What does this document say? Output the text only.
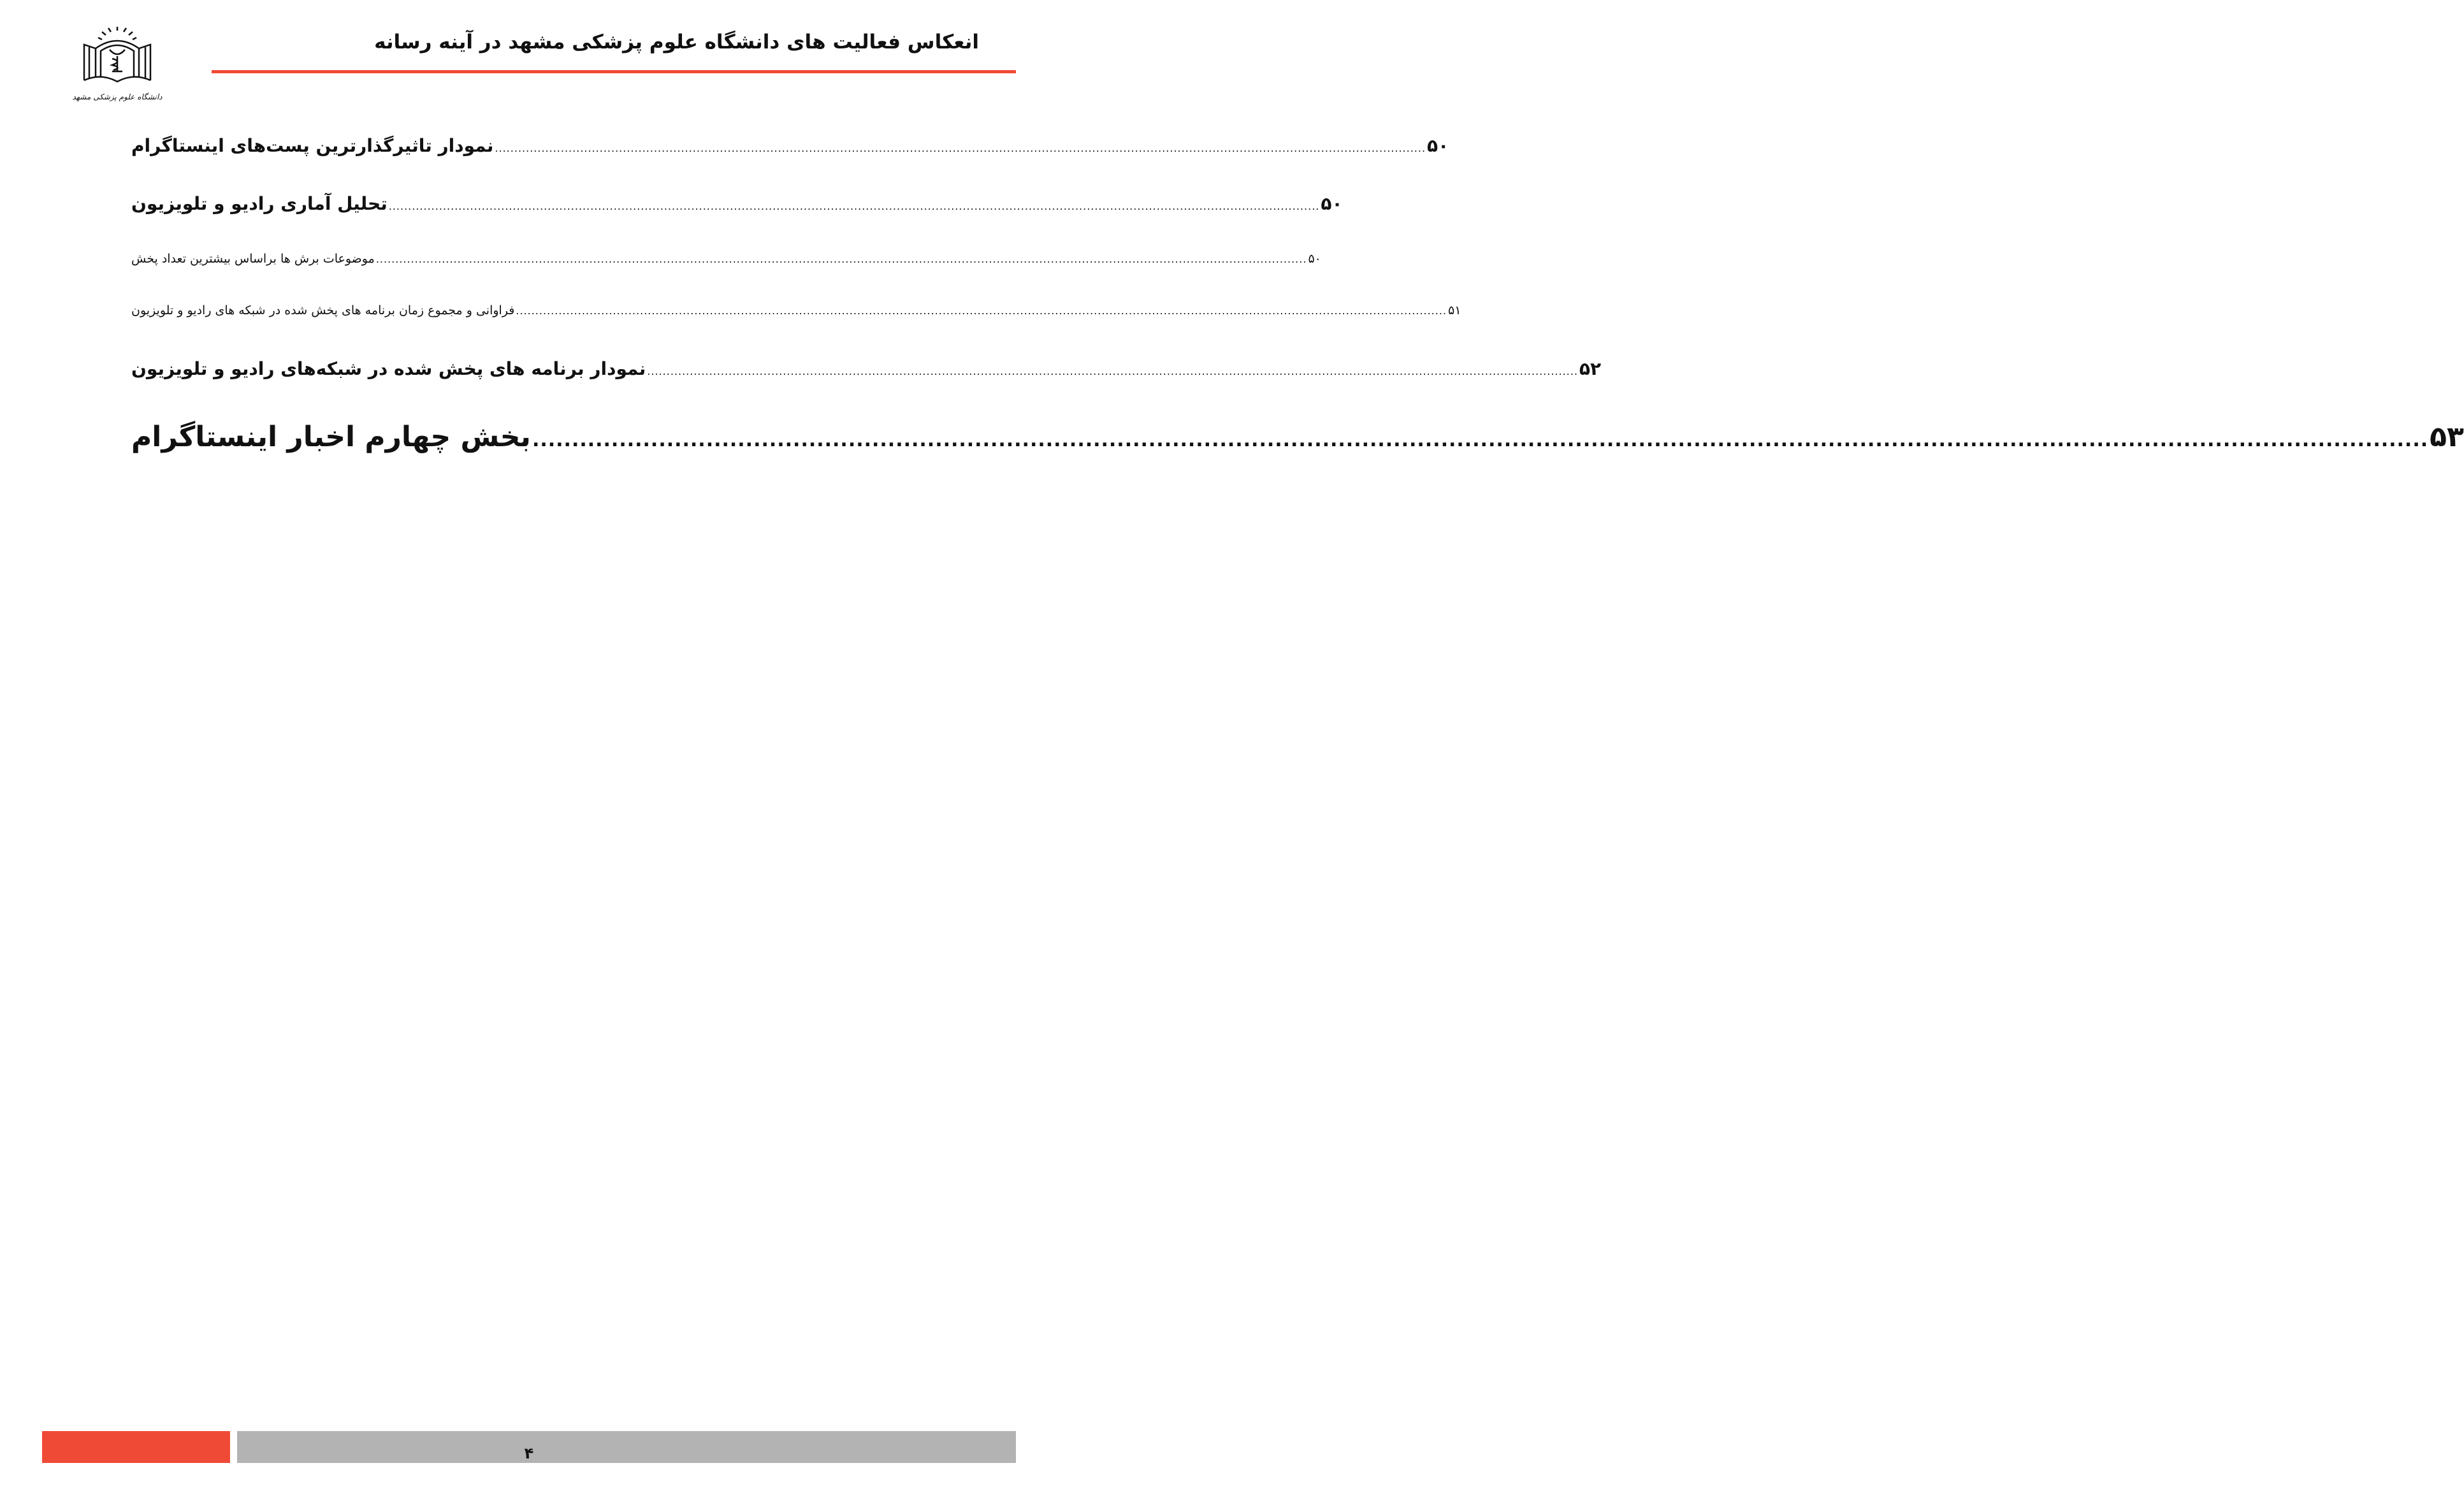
انعکاس فعالیت های دانشگاه علوم پزشکی مشهد در آینه رسانه
دانشگاه علوم پزشکی مشهد
نمودار تاثیرگذارترین پست‌های اینستاگرام ................................................................................................................................................................................................................................................ ۵۰
تحلیل آماری رادیو و تلویزیون ................................................................................................................................................................................................................................................ ۵۰
موضوعات برش ها براساس بیشترین تعداد پخش ................................................................................................................................................................................................................................................ ۵۰
فراوانی و مجموع زمان برنامه های پخش شده در شبکه های رادیو و تلویزیون ................................................................................................................................................................................................................................................ ۵۱
نمودار برنامه های پخش شده در شبکه‌های رادیو و تلویزیون ................................................................................................................................................................................................................................................ ۵۲
بخش چهارم اخبار اینستاگرام ................................................................................................................................................................................................................................................ ۵۳
۴
